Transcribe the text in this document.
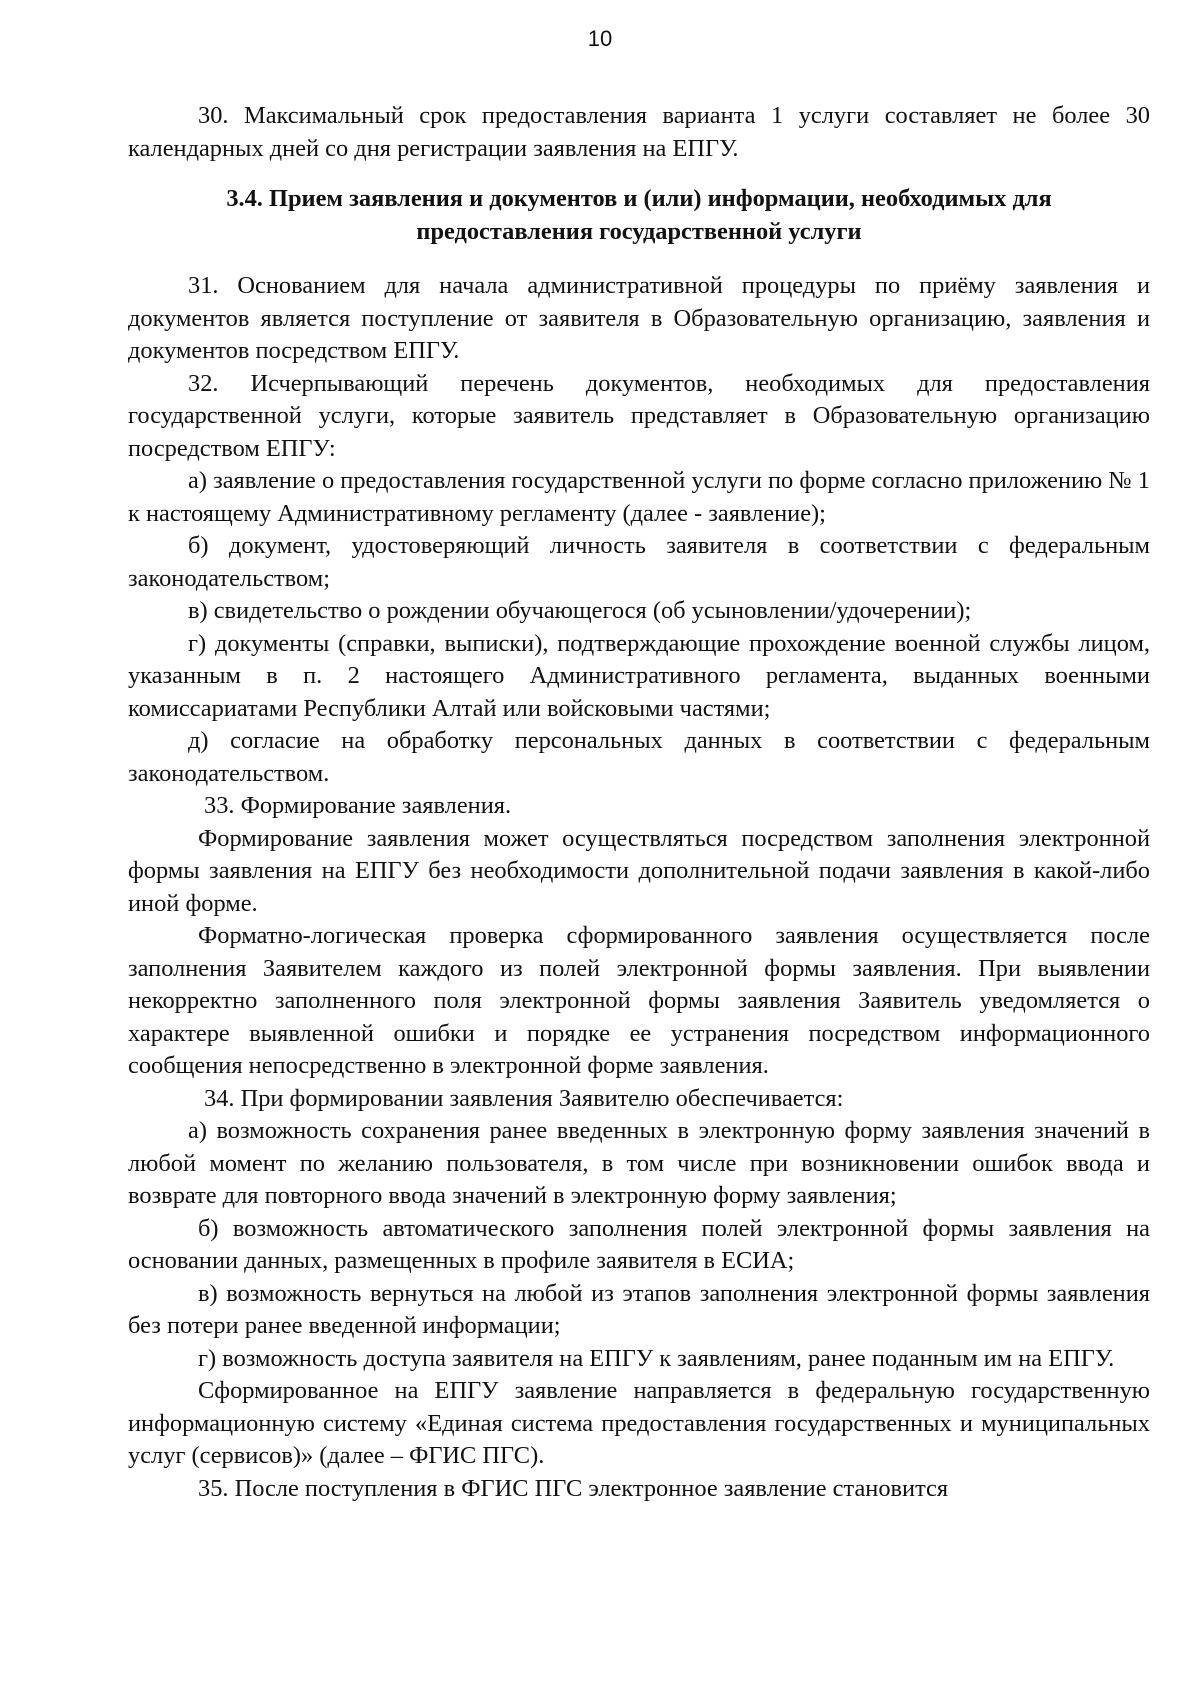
10

30. Максимальный срок предоставления варианта 1 услуги составляет не более 30 календарных дней со дня регистрации заявления на ЕПГУ.

3.4. Прием заявления и документов и (или) информации, необходимых для предоставления государственной услуги

31. Основанием для начала административной процедуры по приёму заявления и документов является поступление от заявителя в Образовательную организацию, заявления и документов посредством ЕПГУ.

32. Исчерпывающий перечень документов, необходимых для предоставления государственной услуги, которые заявитель представляет в Образовательную организацию посредством ЕПГУ:

а) заявление о предоставления государственной услуги по форме согласно приложению № 1 к настоящему Административному регламенту (далее - заявление);

б) документ, удостоверяющий личность заявителя в соответствии с федеральным законодательством;

в) свидетельство о рождении обучающегося (об усыновлении/удочерении);

г) документы (справки, выписки), подтверждающие прохождение военной службы лицом, указанным в п. 2 настоящего Административного регламента, выданных военными комиссариатами Республики Алтай или войсковыми частями;

д) согласие на обработку персональных данных в соответствии с федеральным законодательством.

33. Формирование заявления.

Формирование заявления может осуществляться посредством заполнения электронной формы заявления на ЕПГУ без необходимости дополнительной подачи заявления в какой-либо иной форме.

Форматно-логическая проверка сформированного заявления осуществляется после заполнения Заявителем каждого из полей электронной формы заявления. При выявлении некорректно заполненного поля электронной формы заявления Заявитель уведомляется о характере выявленной ошибки и порядке ее устранения посредством информационного сообщения непосредственно в электронной форме заявления.

34. При формировании заявления Заявителю обеспечивается:

а) возможность сохранения ранее введенных в электронную форму заявления значений в любой момент по желанию пользователя, в том числе при возникновении ошибок ввода и возврате для повторного ввода значений в электронную форму заявления;

б) возможность автоматического заполнения полей электронной формы заявления на основании данных, размещенных в профиле заявителя в ЕСИА;

в) возможность вернуться на любой из этапов заполнения электронной формы заявления без потери ранее введенной информации;

г) возможность доступа заявителя на ЕПГУ к заявлениям, ранее поданным им на ЕПГУ.

Сформированное на ЕПГУ заявление направляется в федеральную государственную информационную систему «Единая система предоставления государственных и муниципальных услуг (сервисов)» (далее – ФГИС ПГС).

35. После поступления в ФГИС ПГС электронное заявление становится
